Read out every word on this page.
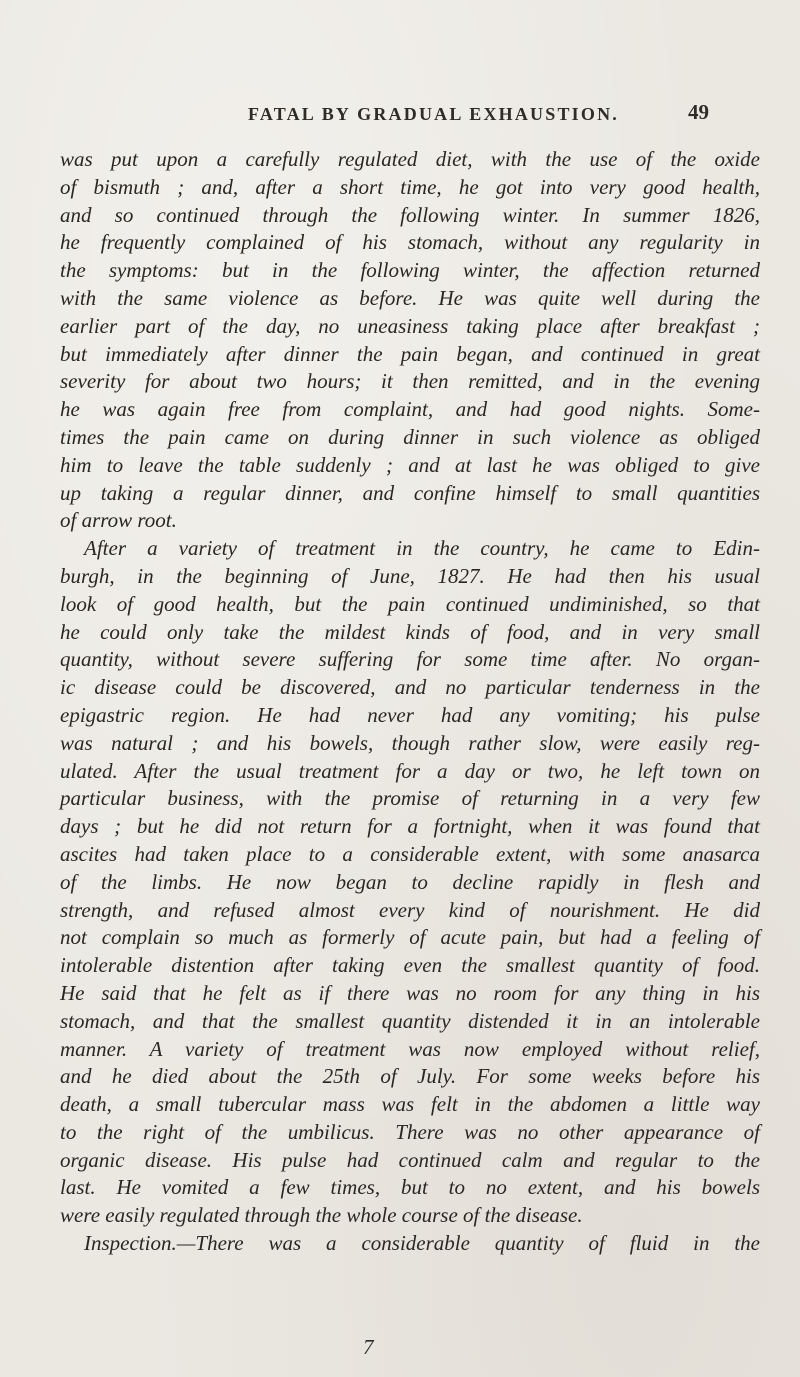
FATAL BY GRADUAL EXHAUSTION.	49
was put upon a carefully regulated diet, with the use of the oxide
of bismuth ; and, after a short time, he got into very good health,
and so continued through the following winter. In summer 1826,
he frequently complained of his stomach, without any regularity in
the symptoms: but in the following winter, the affection returned
with the same violence as before. He was quite well during the
earlier part of the day, no uneasiness taking place after breakfast ;
but immediately after dinner the pain began, and continued in great
severity for about two hours; it then remitted, and in the evening
he was again free from complaint, and had good nights. Some-
times the pain came on during dinner in such violence as obliged
him to leave the table suddenly ; and at last he was obliged to give
up taking a regular dinner, and confine himself to small quantities
of arrow root.
After a variety of treatment in the country, he came to Edin-
burgh, in the beginning of June, 1827. He had then his usual
look of good health, but the pain continued undiminished, so that
he could only take the mildest kinds of food, and in very small
quantity, without severe suffering for some time after. No organ-
ic disease could be discovered, and no particular tenderness in the
epigastric region. He had never had any vomiting; his pulse
was natural ; and his bowels, though rather slow, were easily reg-
ulated. After the usual treatment for a day or two, he left town on
particular business, with the promise of returning in a very few
days ; but he did not return for a fortnight, when it was found that
ascites had taken place to a considerable extent, with some anasarca
of the limbs. He now began to decline rapidly in flesh and
strength, and refused almost every kind of nourishment. He did
not complain so much as formerly of acute pain, but had a feeling of
intolerable distention after taking even the smallest quantity of food.
He said that he felt as if there was no room for any thing in his
stomach, and that the smallest quantity distended it in an intolerable
manner. A variety of treatment was now employed without relief,
and he died about the 25th of July. For some weeks before his
death, a small tubercular mass was felt in the abdomen a little way
to the right of the umbilicus. There was no other appearance of
organic disease. His pulse had continued calm and regular to the
last. He vomited a few times, but to no extent, and his bowels
were easily regulated through the whole course of the disease.
Inspection.—There was a considerable quantity of fluid in the
7
